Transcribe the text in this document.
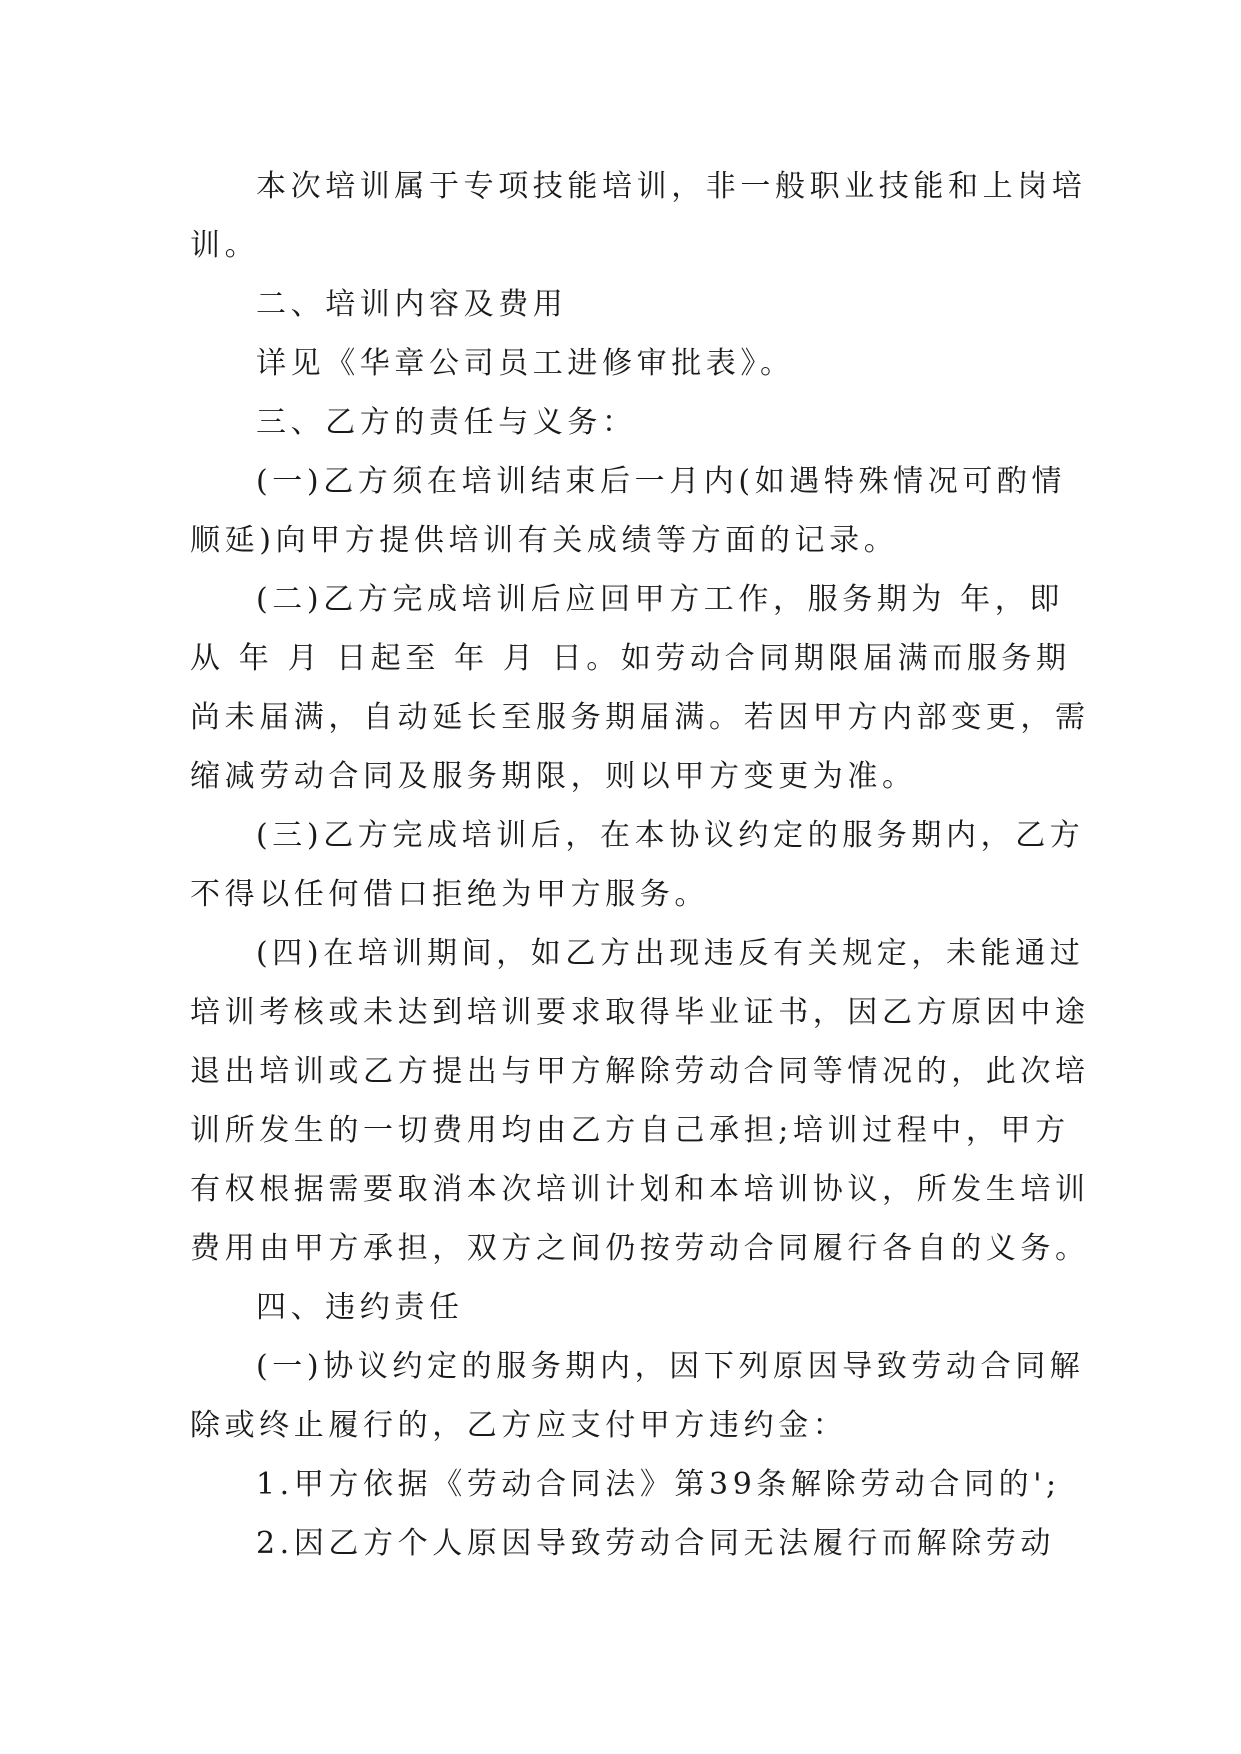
本次培训属于专项技能培训，非一般职业技能和上岗培
训。
二、培训内容及费用
详见《华章公司员工进修审批表》。
三、乙方的责任与义务：
(一)乙方须在培训结束后一月内(如遇特殊情况可酌情
顺延)向甲方提供培训有关成绩等方面的记录。
(二)乙方完成培训后应回甲方工作，服务期为 年，即
从 年 月 日起至 年 月 日。如劳动合同期限届满而服务期
尚未届满，自动延长至服务期届满。若因甲方内部变更，需
缩减劳动合同及服务期限，则以甲方变更为准。
(三)乙方完成培训后，在本协议约定的服务期内，乙方
不得以任何借口拒绝为甲方服务。
(四)在培训期间，如乙方出现违反有关规定，未能通过
培训考核或未达到培训要求取得毕业证书，因乙方原因中途
退出培训或乙方提出与甲方解除劳动合同等情况的，此次培
训所发生的一切费用均由乙方自己承担;培训过程中，甲方
有权根据需要取消本次培训计划和本培训协议，所发生培训
费用由甲方承担，双方之间仍按劳动合同履行各自的义务。
四、违约责任
(一)协议约定的服务期内，因下列原因导致劳动合同解
除或终止履行的，乙方应支付甲方违约金：
1.甲方依据《劳动合同法》第39条解除劳动合同的';
2.因乙方个人原因导致劳动合同无法履行而解除劳动
